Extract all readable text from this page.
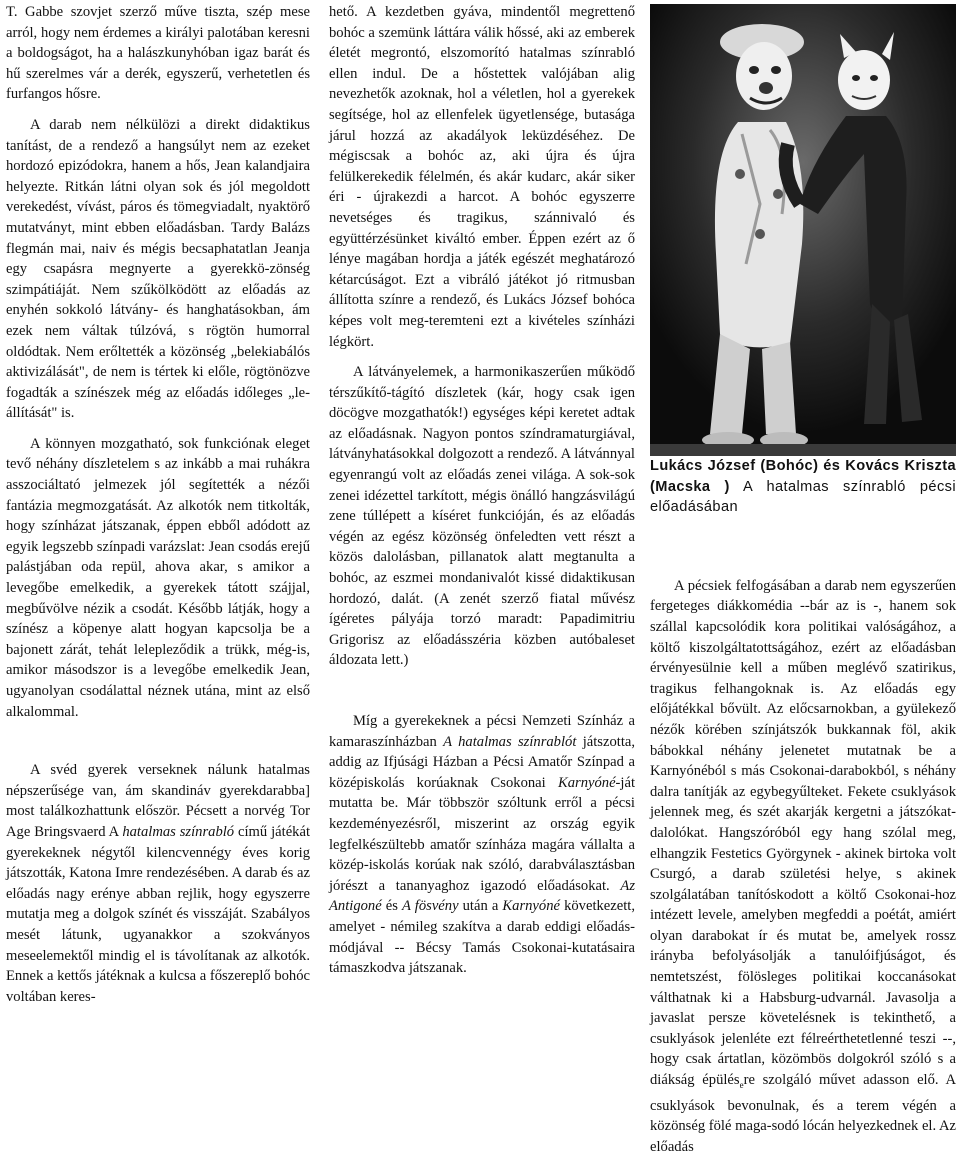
T. Gabbe szovjet szerző műve tiszta, szép mese arról, hogy nem érdemes a királyi palotában keresni a boldogságot, ha a halászkunyhóban igaz barát és hű szerelmes vár a derék, egyszerű, verhetetlen és furfangos hősre.

A darab nem nélkülözi a direkt didaktikus tanítást, de a rendező a hangsúlyt nem az ezeket hordozó epizódokra, hanem a hős, Jean kalandjaira helyezte. Ritkán látni olyan sok és jól megoldott verekedést, vívást, páros és tömegviadalt, nyaktörő mutatványt, mint ebben előadásban. Tardy Balázs flegmán mai, naiv és mégis becsaphatatlan Jeanja egy csapásra megnyerte a gyerekkö-zönség szimpátiáját. Nem szűkölködött az előadás az enyhén sokkoló látvány- és hanghatásokban, ám ezek nem váltak túlzóvá, s rögtön humorral oldódtak. Nem erőltették a közönség „belekiabálós aktivizálását", de nem is tértek ki előle, rögtönözve fogadták a színészek még az előadás időleges „le-állítását" is.

A könnyen mozgatható, sok funkciónak eleget tevő néhány díszletelem s az inkább a mai ruhákra asszociáltató jelmezek jól segítették a nézői fantázia megmozgatását. Az alkotók nem titkolták, hogy színházat játszanak, éppen ebből adódott az egyik legszebb színpadi varázslat: Jean csodás erejű palástjában oda repül, ahova akar, s amikor a levegőbe emelkedik, a gyerekek tátott szájjal, megbűvölve nézik a csodát. Később látják, hogy a színész a köpenye alatt hogyan kapcsolja be a bajonett zárát, tehát lelepleződik a trükk, még-is, amikor másodszor is a levegőbe emelkedik Jean, ugyanolyan csodálattal néznek utána, mint az első alkalommal.

A svéd gyerek verseknek nálunk hatalmas népszerűsége van, ám skandináv gyerekdarabba] most találkozhattunk először. Pécsett a norvég Tor Age Bringsvaerd A hatalmas színrabló című játékát gyerekeknek négytől kilencvennégy éves korig játszották, Katona Imre rendezésében. A darab és az előadás nagy erénye abban rejlik, hogy egyszerre mutatja meg a dolgok színét és visszáját. Szabályos mesét látunk, ugyanakkor a szokványos meseelemektől mindig el is távolítanak az alkotók. Ennek a kettős játéknak a kulcsa a főszereplő bohóc voltában keres-

hető. A kezdetben gyáva, mindentől megrettenő bohóc a szemünk láttára válik hőssé, aki az emberek életét megrontó, elszomorító hatalmas színrabló ellen indul. De a hőstettek valójában alig nevezhetők azoknak, hol a véletlen, hol a gyerekek segítsége, hol az ellenfelek ügyetlensége, butasága járul hozzá az akadályok leküzdéséhez. De mégiscsak a bohóc az, aki újra és újra felülkerekedik félelmén, és akár kudarc, akár siker éri - újrakezdi a harcot. A bohóc egyszerre nevetséges és tragikus, szánnivaló és együttérzésünket kiváltó ember. Éppen ezért az ő lénye magában hordja a játék egészét meghatározó kétarcúságot. Ezt a vibráló játékot jó ritmusban állította színre a rendező, és Lukács József bohóca képes volt meg-teremteni ezt a kivételes színházi légkört.

A látványelemek, a harmonikaszerűen működő térszűkítő-tágító díszletek (kár, hogy csak igen döcögve mozgathatók!) egységes képi keretet adtak az előadásnak. Nagyon pontos színdramaturgiával, látványhatásokkal dolgozott a rendező. A látvánnyal egyenrangú volt az előadás zenei világa. A sok-sok zenei idézettel tarkított, mégis önálló hangzásvilágú zene túllépett a kíséret funkcióján, és az előadás végén az egész közönség önfeledten vett részt a közös dalolásban, pillanatok alatt megtanulta a bohóc, az eszmei mondanivalót kissé didaktikusan hordozó, dalát. (A zenét szerző fiatal művész ígéretes pályája torzó maradt: Papadimitriu Grigorisz az előadásszéria közben autóbaleset áldozata lett.)

Míg a gyerekeknek a pécsi Nemzeti Színház a kamaraszínházban A hatalmas színrablót játszotta, addig az Ifjúsági Házban a Pécsi Amatőr Színpad a középiskolás korúaknak Csokonai Karnyóné-ját mutatta be. Már többször szóltunk erről a pécsi kezdeményezésről, miszerint az ország egyik legfelkészültebb amatőr színháza magára vállalta a közép-iskolás korúak nak szóló, darabválasztásban jórészt a tananyaghoz igazodó előadásokat. Az Antigoné és A fösvény után a Karnyóné következett, amelyet - némileg szakítva a darab eddigi előadás-módjával -- Bécsy Tamás Csokonai-kutatásaira támaszkodva játszanak.

Lukács József (Bohóc) és Kovács Kriszta (Macska ) A hatalmas színrabló pécsi előadásában

A pécsiek felfogásában a darab nem egyszerűen fergeteges diákkomédia --bár az is -, hanem sok szállal kapcsolódik kora politikai valóságához, a költő kiszolgáltatottságához, ezért az előadásban érvényesülnie kell a műben meglévő szatirikus, tragikus felhangoknak is. Az előadás egy előjátékkal bővült. Az előcsarnokban, a gyülekező nézők körében színjátszók bukkannak föl, akik bábokkal néhány jelenetet mutatnak be a Karnyónéból s más Csokonai-darabokból, s néhány dalra tanítják az egybegyűlteket. Fekete csuklyások jelennek meg, és szét akarják kergetni a játszókat-dalolókat. Hangszóróból egy hang szólal meg, elhangzik Festetics Györgynek - akinek birtoka volt Csurgó, a darab születési helye, s akinek szolgálatában tanítóskodott a költő Csokonai-hoz intézett levele, amelyben megfeddi a poétát, amiért olyan darabokat ír és mutat be, amelyek rossz irányba befolyásolják a tanulóifjúságot, és nemtetszést, fölösleges politikai koccanásokat válthatnak ki a Habsburg-udvarnál. Javasolja a javaslat persze követelésnek is tekinthető, a csuklyások jelenléte ezt félreérthetetlenné teszi --, hogy csak ártatlan, közömbös dolgokról szóló s a diákság épülés$_e$re szolgáló művet adasson elő. A csuklyások bevonulnak, és a terem végén a közönség fölé maga-sodó lócán helyezkednek el. Az előadás
